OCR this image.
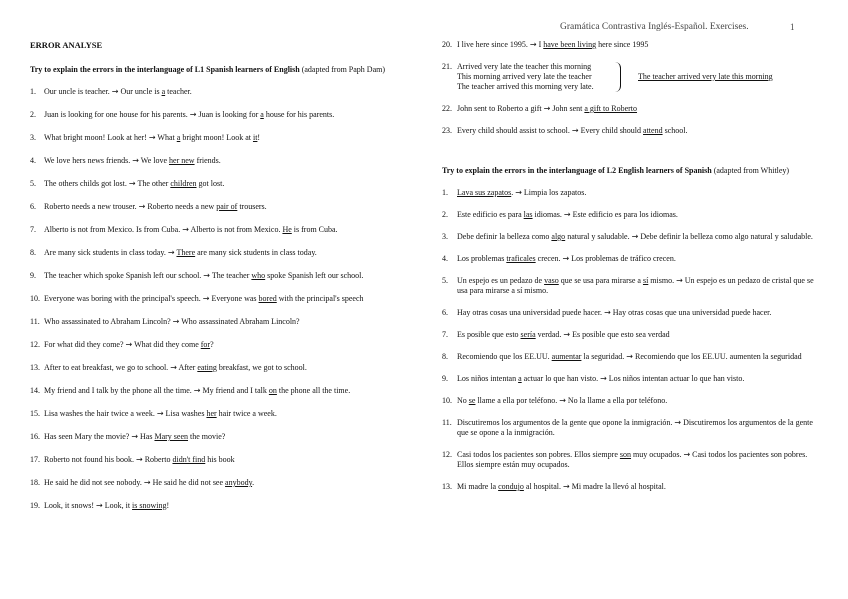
Gramática Contrastiva Inglés-Español. Exercises.	1
ERROR ANALYSE
Try to explain the errors in the interlanguage of L1 Spanish learners of English (adapted from Paph Dam)
1. Our uncle is teacher. → Our uncle is a teacher.
2. Juan is looking for one house for his parents. → Juan is looking for a house for his parents.
3. What bright moon! Look at her! → What a bright moon! Look at it!
4. We love hers news friends. → We love her new friends.
5. The others childs got lost. → The other children got lost.
6. Roberto needs a new trouser. → Roberto needs a new pair of trousers.
7. Alberto is not from Mexico. Is from Cuba. → Alberto is not from Mexico. He is from Cuba.
8. Are many sick students in class today. → There are many sick students in class today.
9. The teacher which spoke Spanish left our school. → The teacher who spoke Spanish left our school.
10. Everyone was boring with the principal's speech. → Everyone was bored with the principal's speech
11. Who assassinated to Abraham Lincoln? → Who assassinated Abraham Lincoln?
12. For what did they come? → What did they come for?
13. After to eat breakfast, we go to school. → After eating breakfast, we got to school.
14. My friend and I talk by the phone all the time. → My friend and I talk on the phone all the time.
15. Lisa washes the hair twice a week. → Lisa washes her hair twice a week.
16. Has seen Mary the movie? → Has Mary seen the movie?
17. Roberto not found his book. → Roberto didn't find his book
18. He said he did not see nobody. → He said he did not see anybody.
19. Look, it snows! → Look, it is snowing!
20. I live here since 1995. → I have been living here since 1995
21. Arrived very late the teacher this morning
This morning arrived very late the teacher
The teacher arrived this morning very late.
The teacher arrived very late this morning
22. John sent to Roberto a gift → John sent a gift to Roberto
23. Every child should assist to school. → Every child should attend school.
Try to explain the errors in the interlanguage of L2 English learners of Spanish (adapted from Whitley)
1. Lava sus zapatos. → Limpia los zapatos.
2. Este edificio es para las idiomas. → Este edificio es para los idiomas.
3. Debe definir la belleza como algo natural y saludable. → Debe definir la belleza como algo natural y saludable.
4. Los problemas traficales crecen. → Los problemas de tráfico crecen.
5. Un espejo es un pedazo de vaso que se usa para mirarse a sí mismo. → Un espejo es un pedazo de cristal que se usa para mirarse a sí mismo.
6. Hay otras cosas una universidad puede hacer. → Hay otras cosas que una universidad puede hacer.
7. Es posible que esto sería verdad. → Es posible que esto sea verdad
8. Recomiendo que los EE.UU. aumentar la seguridad. → Recomiendo que los EE.UU. aumenten la seguridad
9. Los niños intentan a actuar lo que han visto. → Los niños intentan actuar lo que han visto.
10. No se llame a ella por teléfono. → No la llame a ella por teléfono.
11. Discutiremos los argumentos de la gente que opone la inmigración. → Discutiremos los argumentos de la gente que se opone a la inmigración.
12. Casi todos los pacientes son pobres. Ellos siempre son muy ocupados. → Casi todos los pacientes son pobres. Ellos siempre están muy ocupados.
13. Mi madre la condujo al hospital. → Mi madre la llevó al hospital.
